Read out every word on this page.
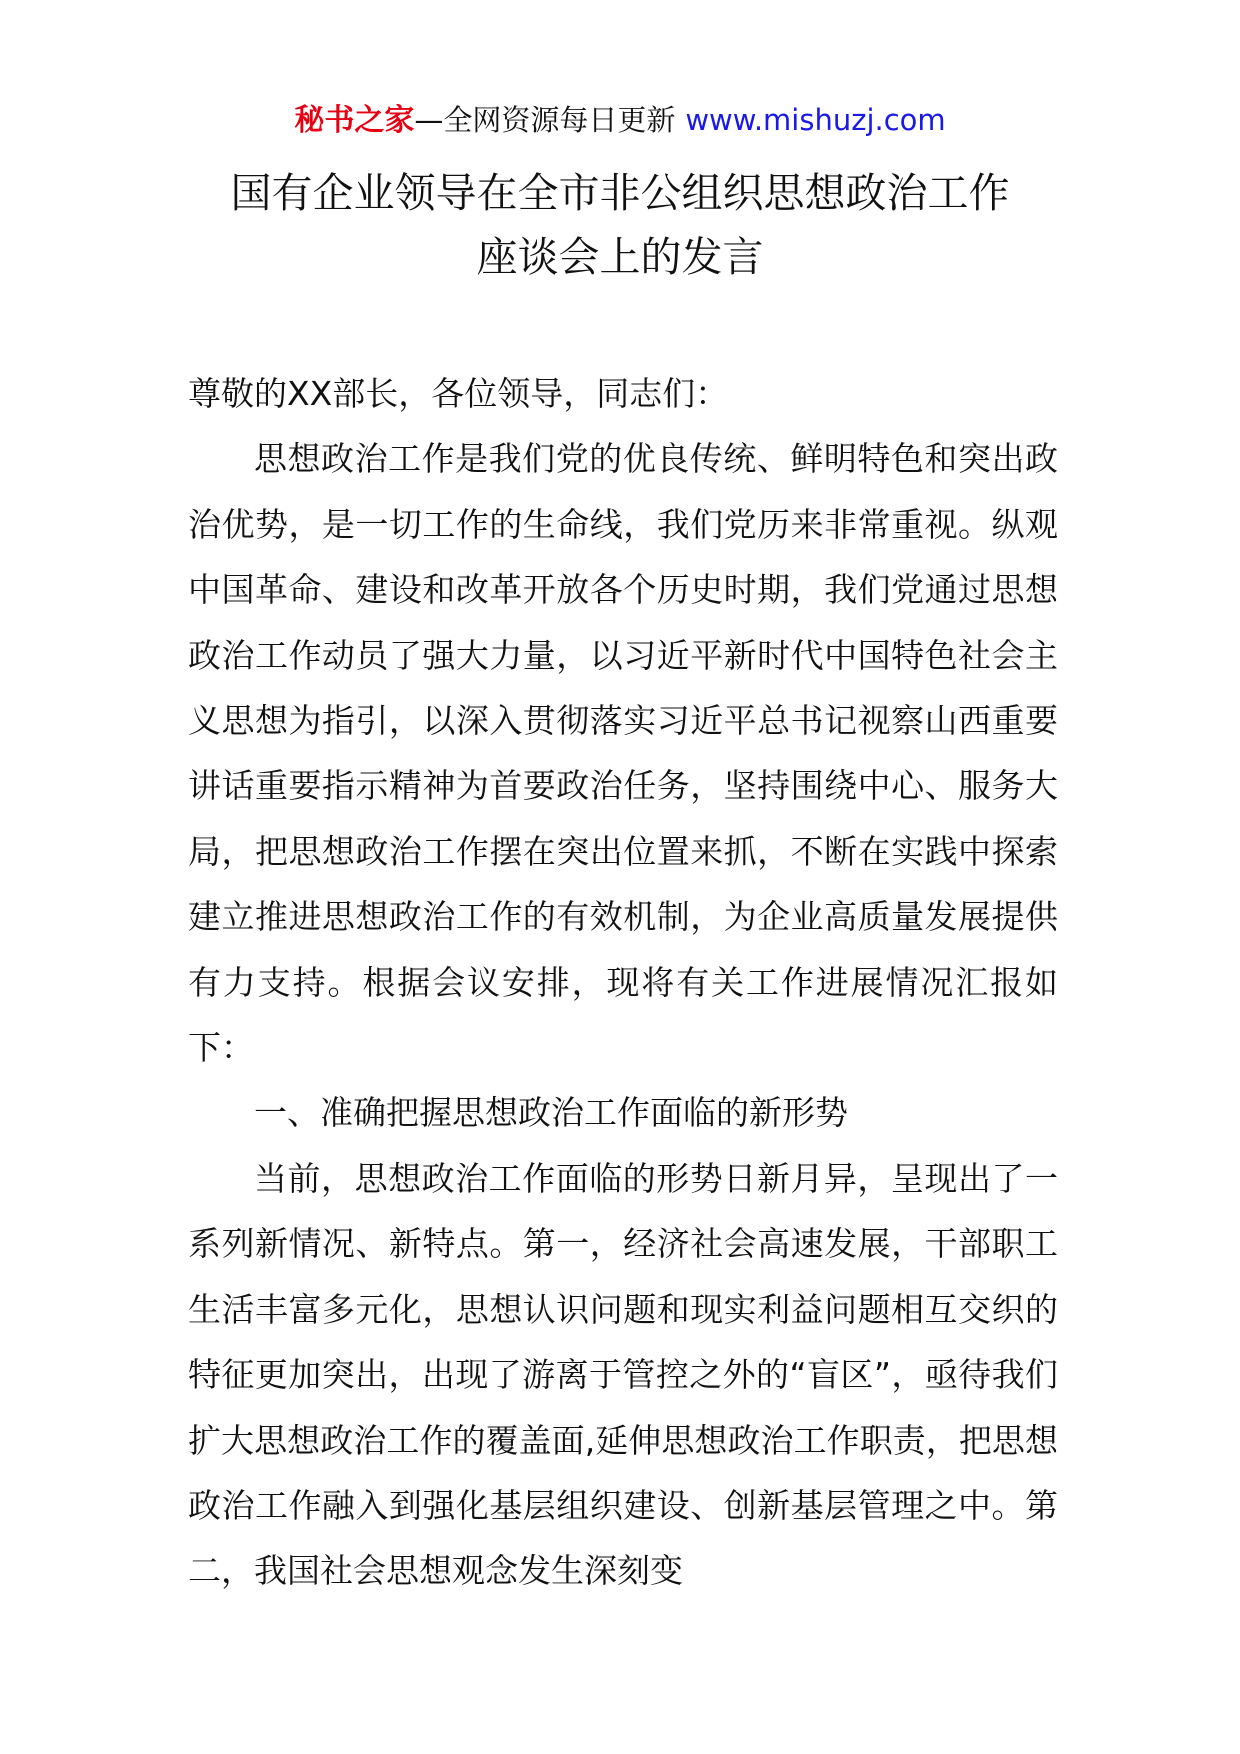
秘书之家—全网资源每日更新 www.mishuzj.com
国有企业领导在全市非公组织思想政治工作
座谈会上的发言

尊敬的XX部长，各位领导，同志们：

思想政治工作是我们党的优良传统、鲜明特色和突出政治优势，是一切工作的生命线，我们党历来非常重视。纵观中国革命、建设和改革开放各个历史时期，我们党通过思想政治工作动员了强大力量，以习近平新时代中国特色社会主义思想为指引，以深入贯彻落实习近平总书记视察山西重要讲话重要指示精神为首要政治任务，坚持围绕中心、服务大局，把思想政治工作摆在突出位置来抓，不断在实践中探索建立推进思想政治工作的有效机制，为企业高质量发展提供有力支持。根据会议安排，现将有关工作进展情况汇报如下：

一、准确把握思想政治工作面临的新形势

当前，思想政治工作面临的形势日新月异，呈现出了一系列新情况、新特点。第一，经济社会高速发展，干部职工生活丰富多元化，思想认识问题和现实利益问题相互交织的特征更加突出，出现了游离于管控之外的“盲区”，亟待我们扩大思想政治工作的覆盖面,延伸思想政治工作职责，把思想政治工作融入到强化基层组织建设、创新基层管理之中。第二，我国社会思想观念发生深刻变
